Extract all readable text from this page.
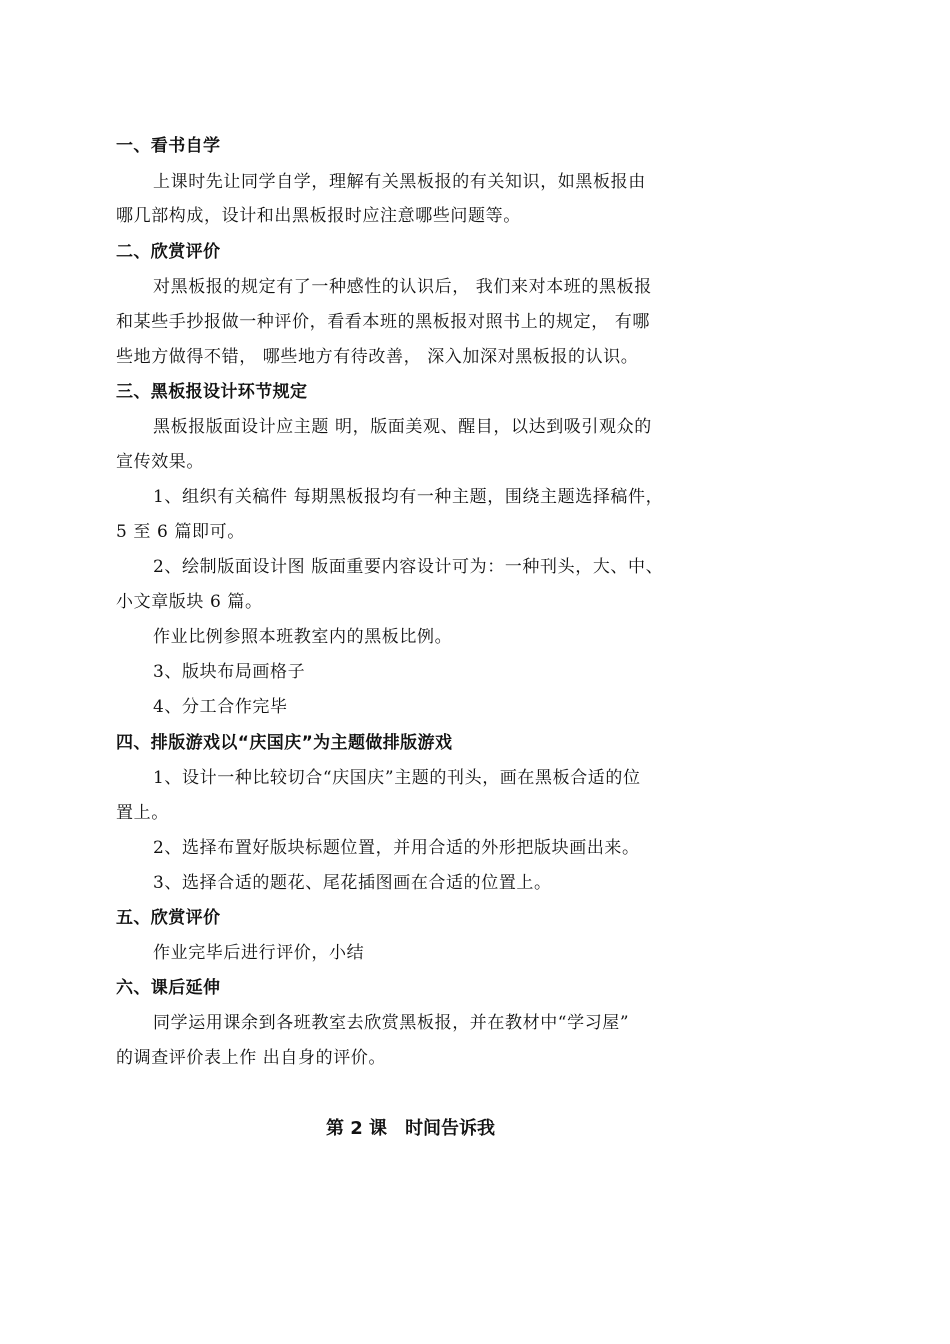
一、看书自学
上课时先让同学自学，理解有关黑板报的有关知识，如黑板报由
哪几部构成，设计和出黑板报时应注意哪些问题等。
二、欣赏评价
对黑板报的规定有了一种感性的认识后， 我们来对本班的黑板报
和某些手抄报做一种评价，看看本班的黑板报对照书上的规定， 有哪
些地方做得不错， 哪些地方有待改善， 深入加深对黑板报的认识。
三、黑板报设计环节规定
黑板报版面设计应主题 明，版面美观、醒目，以达到吸引观众的
宣传效果。
1、组织有关稿件 每期黑板报均有一种主题，围绕主题选择稿件，
5 至 6 篇即可。
2、绘制版面设计图 版面重要内容设计可为：一种刊头，大、中、
小文章版块 6 篇。
作业比例参照本班教室内的黑板比例。
3、版块布局画格子
4、分工合作完毕
四、排版游戏以“庆国庆”为主题做排版游戏
1、设计一种比较切合“庆国庆”主题的刊头，画在黑板合适的位
置上。
2、选择布置好版块标题位置，并用合适的外形把版块画出来。
3、选择合适的题花、尾花插图画在合适的位置上。
五、欣赏评价
作业完毕后进行评价，小结
六、课后延伸
同学运用课余到各班教室去欣赏黑板报，并在教材中“学习屋”
的调查评价表上作 出自身的评价。
第 2 课 时间告诉我
